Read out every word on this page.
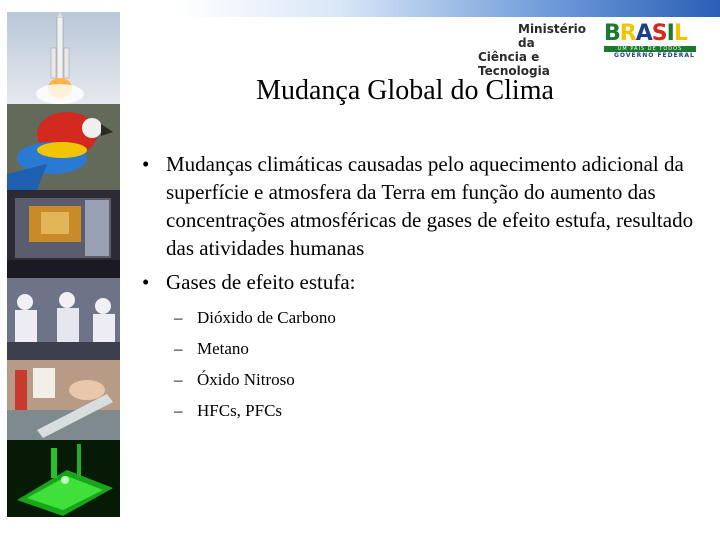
Ministério da
Ciência e Tecnologia
B R A S I L
UM PAÍS DE TODOS
GOVERNO FEDERAL
Mudança Global do Clima
• Mudanças climáticas causadas pelo aquecimento adicional da superfície e atmosfera da Terra em função do aumento das concentrações atmosféricas de gases de efeito estufa, resultado das atividades humanas
• Gases de efeito estufa:
– Dióxido de Carbono
– Metano
– Óxido Nitroso
– HFCs, PFCs
